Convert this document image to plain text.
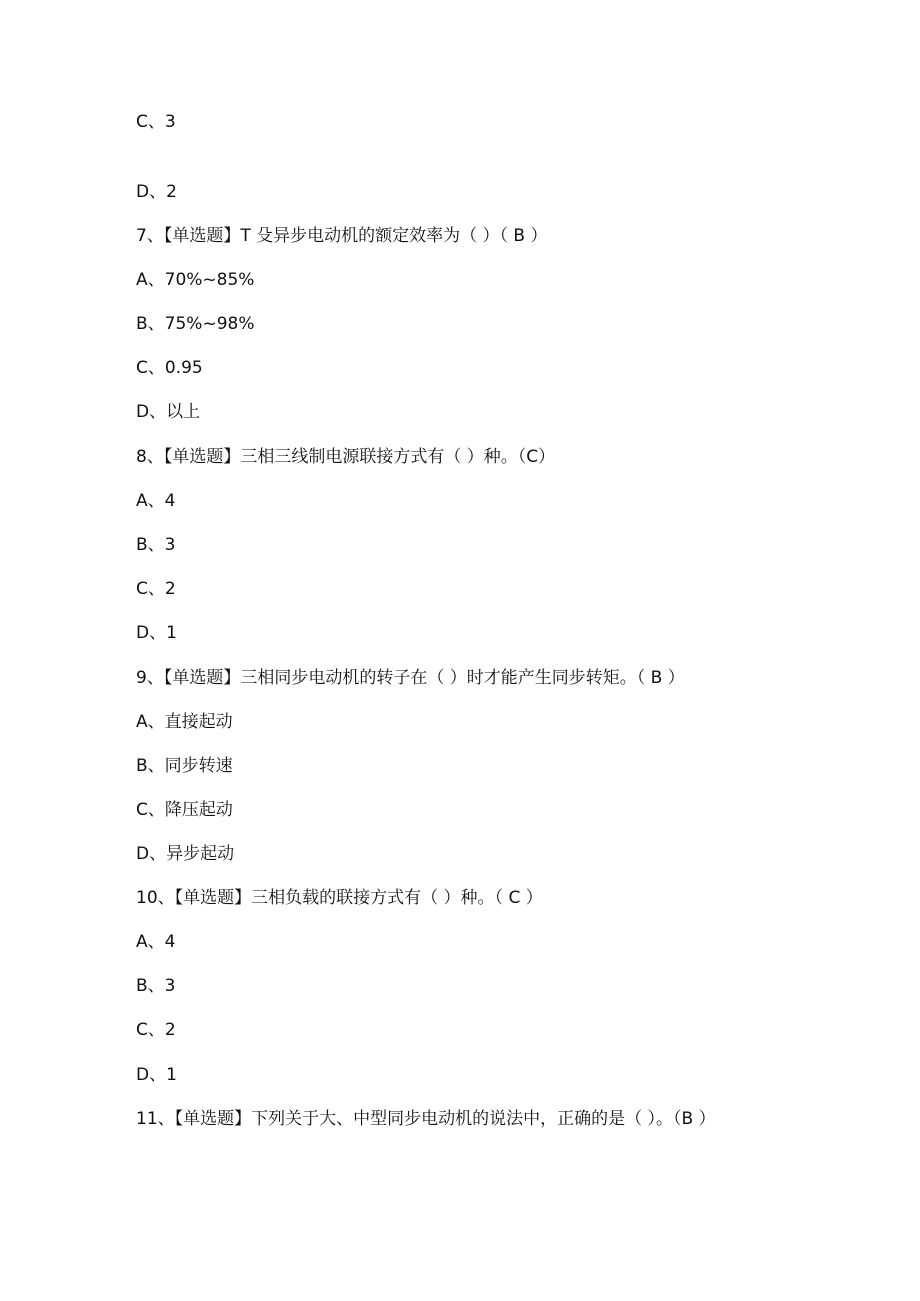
C、3
D、2
7、【单选题】T 殳异步电动机的额定效率为（ ）（ B ）
A、70%~85%
B、75%~98%
C、0.95
D、以上
8、【单选题】三相三线制电源联接方式有（ ）种。（C）
A、4
B、3
C、2
D、1
9、【单选题】三相同步电动机的转子在（ ）时才能产生同步转矩。（ B ）
A、直接起动
B、同步转速
C、降压起动
D、异步起动
10、【单选题】三相负载的联接方式有（ ）种。（ C ）
A、4
B、3
C、2
D、1
11、【单选题】下列关于大、中型同步电动机的说法中，正确的是（ ）。（B ）
